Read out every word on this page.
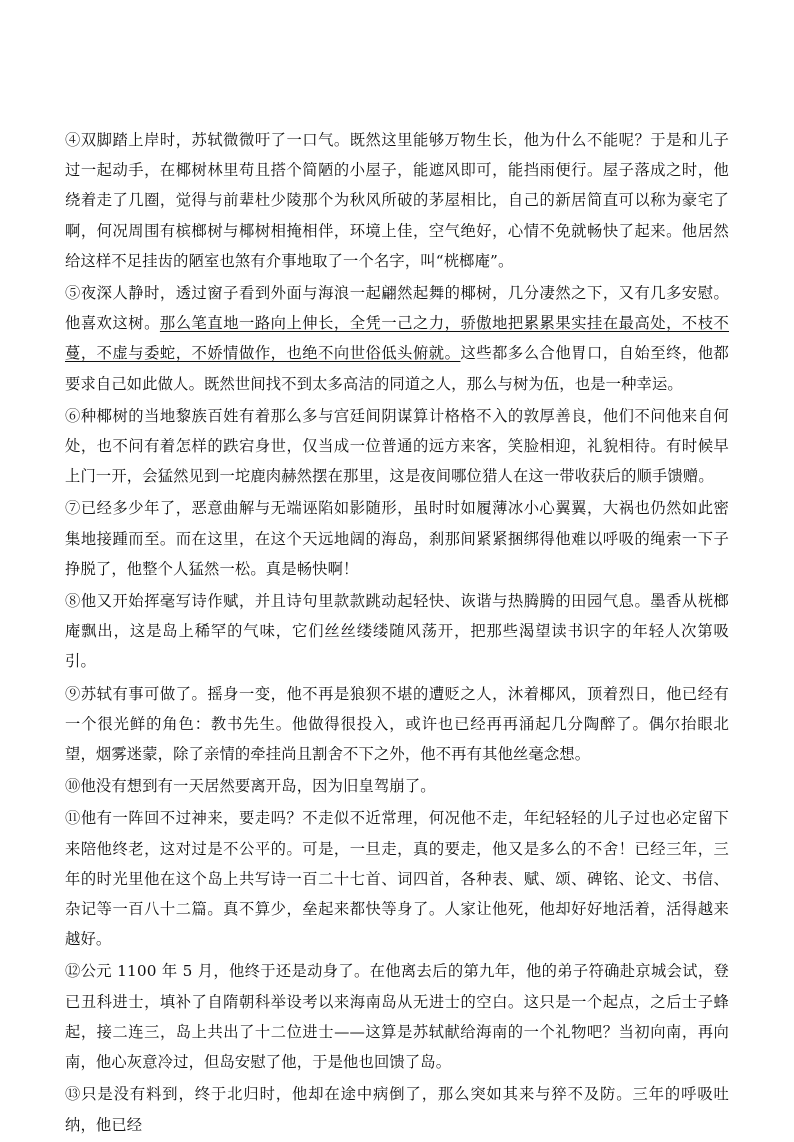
④双脚踏上岸时，苏轼微微吁了一口气。既然这里能够万物生长，他为什么不能呢？于是和儿子过一起动手，在椰树林里苟且搭个简陋的小屋子，能遮风即可，能挡雨便行。屋子落成之时，他绕着走了几圈，觉得与前辈杜少陵那个为秋风所破的茅屋相比，自己的新居简直可以称为豪宅了啊，何况周围有槟榔树与椰树相掩相伴，环境上佳，空气绝好，心情不免就畅快了起来。他居然给这样不足挂齿的陋室也煞有介事地取了一个名字，叫“桄榔庵”。

⑤夜深人静时，透过窗子看到外面与海浪一起翩然起舞的椰树，几分凄然之下，又有几多安慰。他喜欢这树。那么笔直地一路向上伸长，全凭一己之力，骄傲地把累累果实挂在最高处，不枝不蔓，不虚与委蛇，不娇情做作，也绝不向世俗低头俯就。这些都多么合他胃口，自始至终，他都要求自己如此做人。既然世间找不到太多高洁的同道之人，那么与树为伍，也是一种幸运。

⑥种椰树的当地黎族百姓有着那么多与宫廷间阴谋算计格格不入的敦厚善良，他们不问他来自何处，也不问有着怎样的跌宕身世，仅当成一位普通的远方来客，笑脸相迎，礼貌相待。有时候早上门一开，会猛然见到一坨鹿肉赫然摆在那里，这是夜间哪位猎人在这一带收获后的顺手馈赠。

⑦已经多少年了，恶意曲解与无端诬陷如影随形，虽时时如履薄冰小心翼翼，大祸也仍然如此密集地接踵而至。而在这里，在这个天远地阔的海岛，刹那间紧紧捆绑得他难以呼吸的绳索一下子挣脱了，他整个人猛然一松。真是畅快啊！

⑧他又开始挥毫写诗作赋，并且诗句里款款跳动起轻快、诙谐与热腾腾的田园气息。墨香从桄榔庵飘出，这是岛上稀罕的气味，它们丝丝缕缕随风荡开，把那些渴望读书识字的年轻人次第吸引。

⑨苏轼有事可做了。摇身一变，他不再是狼狈不堪的遭贬之人，沐着椰风，顶着烈日，他已经有一个很光鲜的角色：教书先生。他做得很投入，或许也已经再再涌起几分陶醉了。偶尔抬眼北望，烟雾迷蒙，除了亲情的牵挂尚且割舍不下之外，他不再有其他丝毫念想。

⑩他没有想到有一天居然要离开岛，因为旧皇驾崩了。

⑪他有一阵回不过神来，要走吗？不走似不近常理，何况他不走，年纪轻轻的儿子过也必定留下来陪他终老，这对过是不公平的。可是，一旦走，真的要走，他又是多么的不舍！已经三年，三年的时光里他在这个岛上共写诗一百二十七首、词四首，各种表、赋、颂、碑铭、论文、书信、杂记等一百八十二篇。真不算少，垒起来都快等身了。人家让他死，他却好好地活着，活得越来越好。

⑫公元 1100 年 5 月，他终于还是动身了。在他离去后的第九年，他的弟子符确赴京城会试，登已丑科进士，填补了自隋朝科举设考以来海南岛从无进士的空白。这只是一个起点，之后士子蜂起，接二连三，岛上共出了十二位进士——这算是苏轼献给海南的一个礼物吧？当初向南，再向南，他心灰意冷过，但岛安慰了他，于是他也回馈了岛。

⑬只是没有料到，终于北归时，他却在途中病倒了，那么突如其来与猝不及防。三年的呼吸吐纳，他已经
